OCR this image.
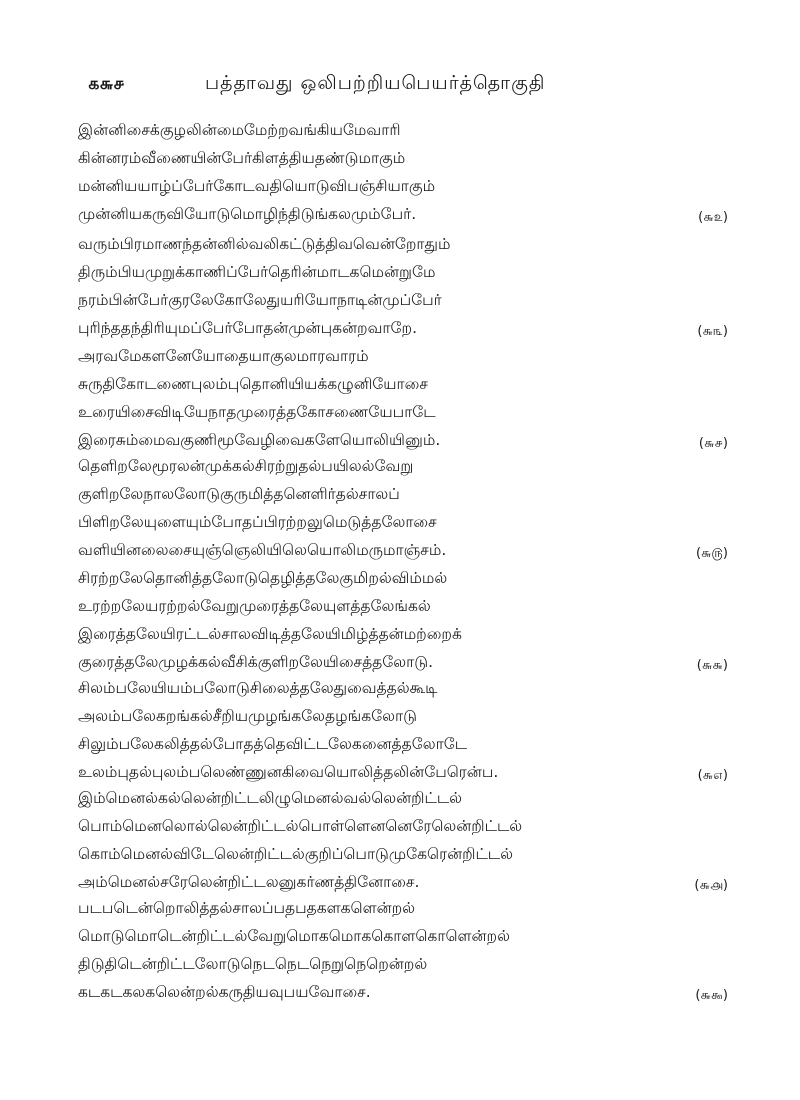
௧௬௪	பத்தாவது ஒலிபற்றியபெயர்த்தொகுதி
இன்னிசைக்குழலின்மைமேற்றவங்கியமேவாரி
கின்னரம்வீணையின்பேர்கிளத்தியதண்டுமாகும்
மன்னியயாழ்ப்பேர்கோடவதியொடுவிபஞ்சியாகும்
முன்னியகருவியோடுமொழிந்திடுங்கலமும்பேர்.	(௬௨)
வரும்பிரமாணந்தன்னில்வலிகட்டுத்திவவென்றோதும்
திரும்பியமுறுக்காணிப்பேர்தெரின்மாடகமென்றுமே
நரம்பின்பேர்குரலேகோலேதுயரியோநாடின்முப்பேர்
புரிந்ததந்திரியுமப்பேர்போதன்முன்புகன்றவாறே.	(௬௩)
அரவமேகளனேயோதையாகுலமாரவாரம்
சுருதிகோடணைபுலம்புதொனியியக்கழுனியோசை
உரையிசைவிடியேநாதமுரைத்தகோசணையேபாடே
இரைசும்மைவகுணிமூவேழிவைகளேயொலியினும்.	(௬௪)
தெளிறலேமூரலன்முக்கல்சிரற்றுதல்பயிலல்வேறு
குளிறலேநாலலோடுகுருமித்தனெளிர்தல்சாலப்
பிளிறலேயுளையும்போதப்பிரற்றலுமெடுத்தலோசை
வளியினலைசையுஞ்ஞெலியிலெயொலிமருமாஞ்சம்.	(௬௫)
சிரற்றலேதொனித்தலோடுதெழித்தலேகுமிறல்விம்மல்
உரற்றலேயரற்றல்வேறுமுரைத்தலேயுளத்தலேங்கல்
இரைத்தலேயிரட்டல்சாலவிடித்தலேயிமிழ்த்தன்மற்றைக்
குரைத்தலேமுழக்கல்வீசிக்குளிறலேயிசைத்தலோடு.	(௬௬)
சிலம்பலேயியம்பலோடுசிலைத்தலேதுவைத்தல்கூடி
அலம்பலேகறங்கல்சீறியமுழங்கலேதழங்கலோடு
சிலும்பலேகலித்தல்போதத்தெவிட்டலேகனைத்தலோடே
உலம்புதல்புலம்பலெண்ணுனகிவையொலித்தலின்பேரென்ப.	(௬௭)
இம்மெனல்கல்லென்றிட்டலிழுமெனல்வல்லென்றிட்டல்
பொம்மெனலொல்லென்றிட்டல்பொள்ளெனனெரேலென்றிட்டல்
கொம்மெனல்விடேலென்றிட்டல்குறிப்பொடுமுகேரென்றிட்டல்
அம்மெனல்சரேலென்றிட்டலனுகர்ணத்தினோசை.	(௬௮)
படபடென்றொலித்தல்சாலப்பதபதகளகளென்றல்
மொடுமொடென்றிட்டல்வேறுமொகமொககொளகொளென்றல்
திடுதிடென்றிட்டலோடுநெடநெடநெறுநெறென்றல்
கடகடகலகலென்றல்கருதியவுபயவோசை.	(௬௯)
